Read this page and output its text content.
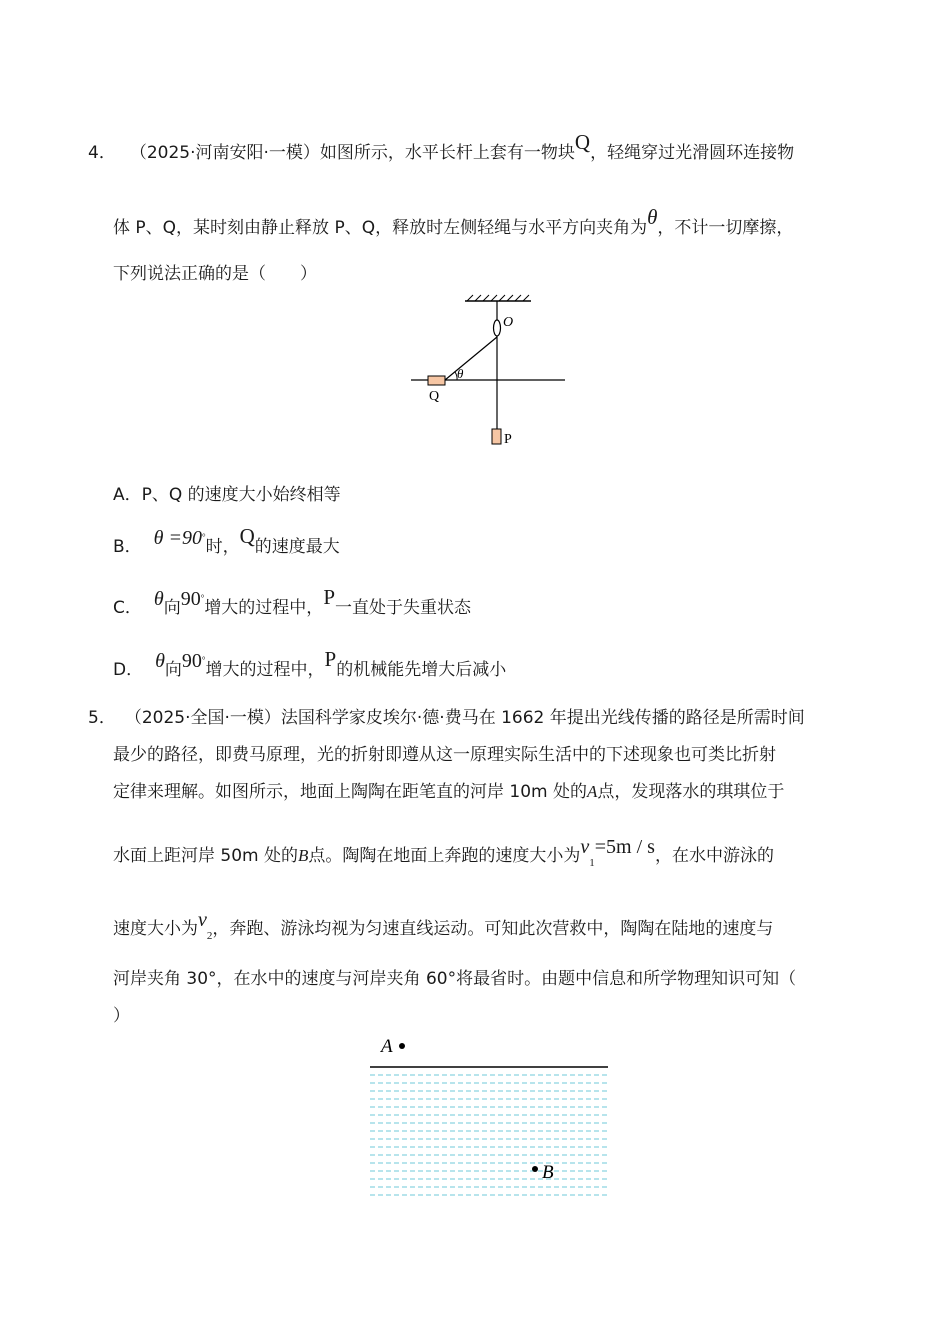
4． （2025·河南安阳·一模）如图所示，水平长杆上套有一物块Q，轻绳穿过光滑圆环连接物
体 P、Q，某时刻由静止释放 P、Q，释放时左侧轻绳与水平方向夹角为θ，不计一切摩擦，
下列说法正确的是（　　）
O
θ
Q
P
A．P、Q 的速度大小始终相等
B． θ =90°时，Q的速度最大
C． θ向90°增大的过程中，P一直处于失重状态
D． θ向90°增大的过程中，P的机械能先增大后减小
5． （2025·全国·一模）法国科学家皮埃尔·德·费马在 1662 年提出光线传播的路径是所需时间
最少的路径，即费马原理，光的折射即遵从这一原理实际生活中的下述现象也可类比折射
定律来理解。如图所示，地面上陶陶在距笔直的河岸 10m 处的A点，发现落水的琪琪位于
水面上距河岸 50m 处的B点。陶陶在地面上奔跑的速度大小为$v_1=5m / s$，在水中游泳的
速度大小为$v_2$，奔跑、游泳均视为匀速直线运动。可知此次营救中，陶陶在陆地的速度与
河岸夹角 30°，在水中的速度与河岸夹角 60°将最省时。由题中信息和所学物理知识可知（
）
A
B
